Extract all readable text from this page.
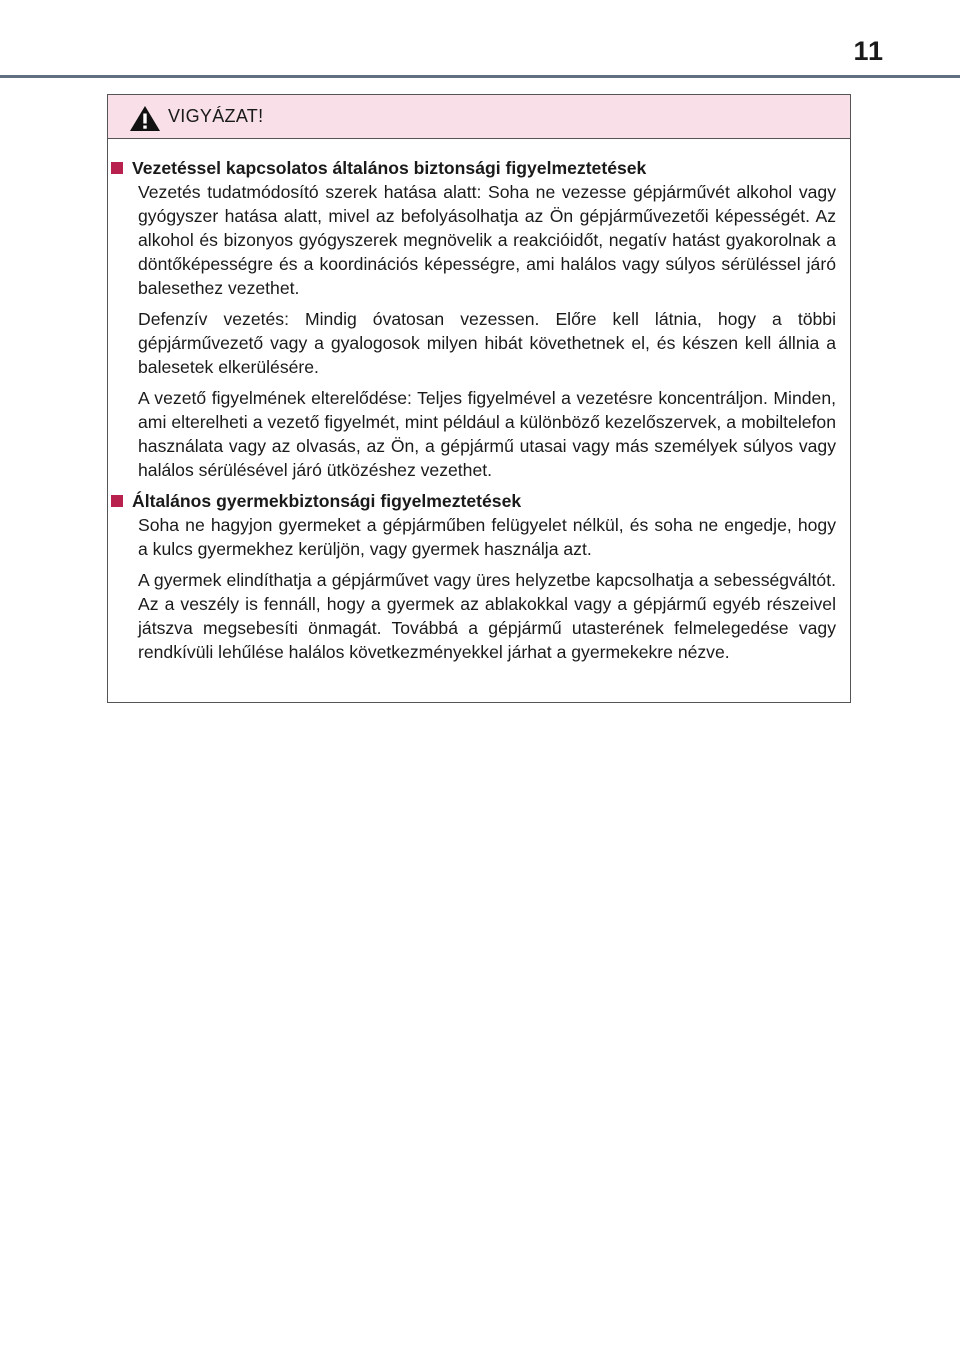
11
VIGYÁZAT!
Vezetéssel kapcsolatos általános biztonsági figyelmeztetések

Vezetés tudatmódosító szerek hatása alatt: Soha ne vezesse gépjárművét alkohol vagy gyógyszer hatása alatt, mivel az befolyásolhatja az Ön gépjárművezetői képességét. Az alkohol és bizonyos gyógyszerek megnövelik a reakcióidőt, negatív hatást gyakorolnak a döntőképességre és a koordinációs képességre, ami halálos vagy súlyos sérüléssel járó balesethez vezethet.

Defenzív vezetés: Mindig óvatosan vezessen. Előre kell látnia, hogy a többi gépjárművezető vagy a gyalogosok milyen hibát követhetnek el, és készen kell állnia a balesetek elkerülésére.

A vezető figyelmének elterelődése: Teljes figyelmével a vezetésre koncentráljon. Minden, ami elterelheti a vezető figyelmét, mint például a különböző kezelőszervek, a mobiltelefon használata vagy az olvasás, az Ön, a gépjármű utasai vagy más személyek súlyos vagy halálos sérülésével járó ütközéshez vezethet.

Általános gyermekbiztonsági figyelmeztetések

Soha ne hagyjon gyermeket a gépjárműben felügyelet nélkül, és soha ne engedje, hogy a kulcs gyermekhez kerüljön, vagy gyermek használja azt.

A gyermek elindíthatja a gépjárművet vagy üres helyzetbe kapcsolhatja a sebességváltót. Az a veszély is fennáll, hogy a gyermek az ablakokkal vagy a gépjármű egyéb részeivel játszva megsebesíti önmagát. Továbbá a gépjármű utasterének felmelegedése vagy rendkívüli lehűlése halálos következményekkel járhat a gyermekekre nézve.
